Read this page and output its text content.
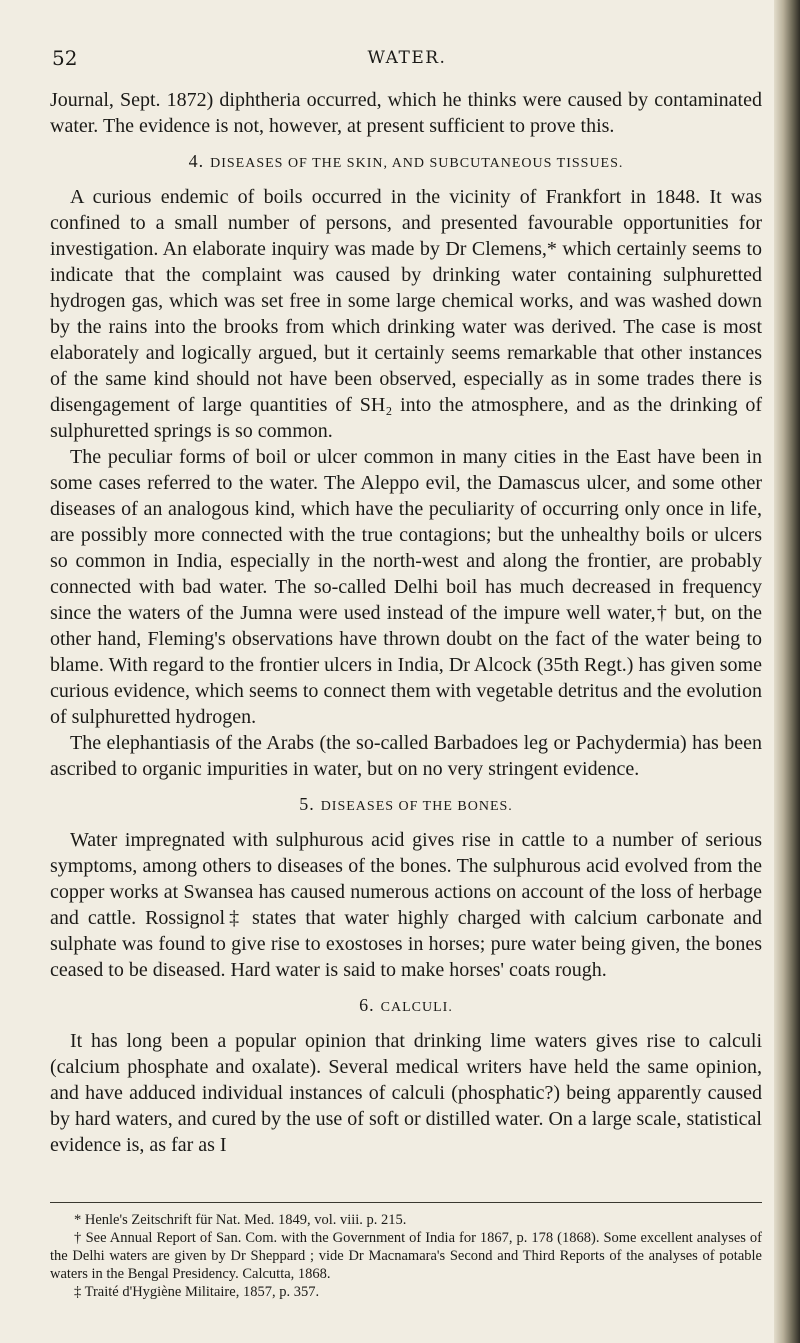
52	WATER.

Journal, Sept. 1872) diphtheria occurred, which he thinks were caused by contaminated water. The evidence is not, however, at present sufficient to prove this.

4. DISEASES OF THE SKIN, AND SUBCUTANEOUS TISSUES.

A curious endemic of boils occurred in the vicinity of Frankfort in 1848. It was confined to a small number of persons, and presented favourable opportunities for investigation. An elaborate inquiry was made by Dr Clemens,* which certainly seems to indicate that the complaint was caused by drinking water containing sulphuretted hydrogen gas, which was set free in some large chemical works, and was washed down by the rains into the brooks from which drinking water was derived. The case is most elaborately and logically argued, but it certainly seems remarkable that other instances of the same kind should not have been observed, especially as in some trades there is disengagement of large quantities of SH₂ into the atmosphere, and as the drinking of sulphuretted springs is so common.

The peculiar forms of boil or ulcer common in many cities in the East have been in some cases referred to the water. The Aleppo evil, the Damascus ulcer, and some other diseases of an analogous kind, which have the peculiarity of occurring only once in life, are possibly more connected with the true contagions; but the unhealthy boils or ulcers so common in India, especially in the north-west and along the frontier, are probably connected with bad water. The so-called Delhi boil has much decreased in frequency since the waters of the Jumna were used instead of the impure well water,† but, on the other hand, Fleming's observations have thrown doubt on the fact of the water being to blame. With regard to the frontier ulcers in India, Dr Alcock (35th Regt.) has given some curious evidence, which seems to connect them with vegetable detritus and the evolution of sulphuretted hydrogen.

The elephantiasis of the Arabs (the so-called Barbadoes leg or Pachydermia) has been ascribed to organic impurities in water, but on no very stringent evidence.

5. DISEASES OF THE BONES.

Water impregnated with sulphurous acid gives rise in cattle to a number of serious symptoms, among others to diseases of the bones. The sulphurous acid evolved from the copper works at Swansea has caused numerous actions on account of the loss of herbage and cattle. Rossignol‡ states that water highly charged with calcium carbonate and sulphate was found to give rise to exostoses in horses; pure water being given, the bones ceased to be diseased. Hard water is said to make horses' coats rough.

6. CALCULI.

It has long been a popular opinion that drinking lime waters gives rise to calculi (calcium phosphate and oxalate). Several medical writers have held the same opinion, and have adduced individual instances of calculi (phosphatic?) being apparently caused by hard waters, and cured by the use of soft or distilled water. On a large scale, statistical evidence is, as far as I

* Henle's Zeitschrift für Nat. Med. 1849, vol. viii. p. 215.

† See Annual Report of San. Com. with the Government of India for 1867, p. 178 (1868). Some excellent analyses of the Delhi waters are given by Dr Sheppard ; vide Dr Macnamara's Second and Third Reports of the analyses of potable waters in the Bengal Presidency. Calcutta, 1868.

‡ Traité d'Hygiène Militaire, 1857, p. 357.
